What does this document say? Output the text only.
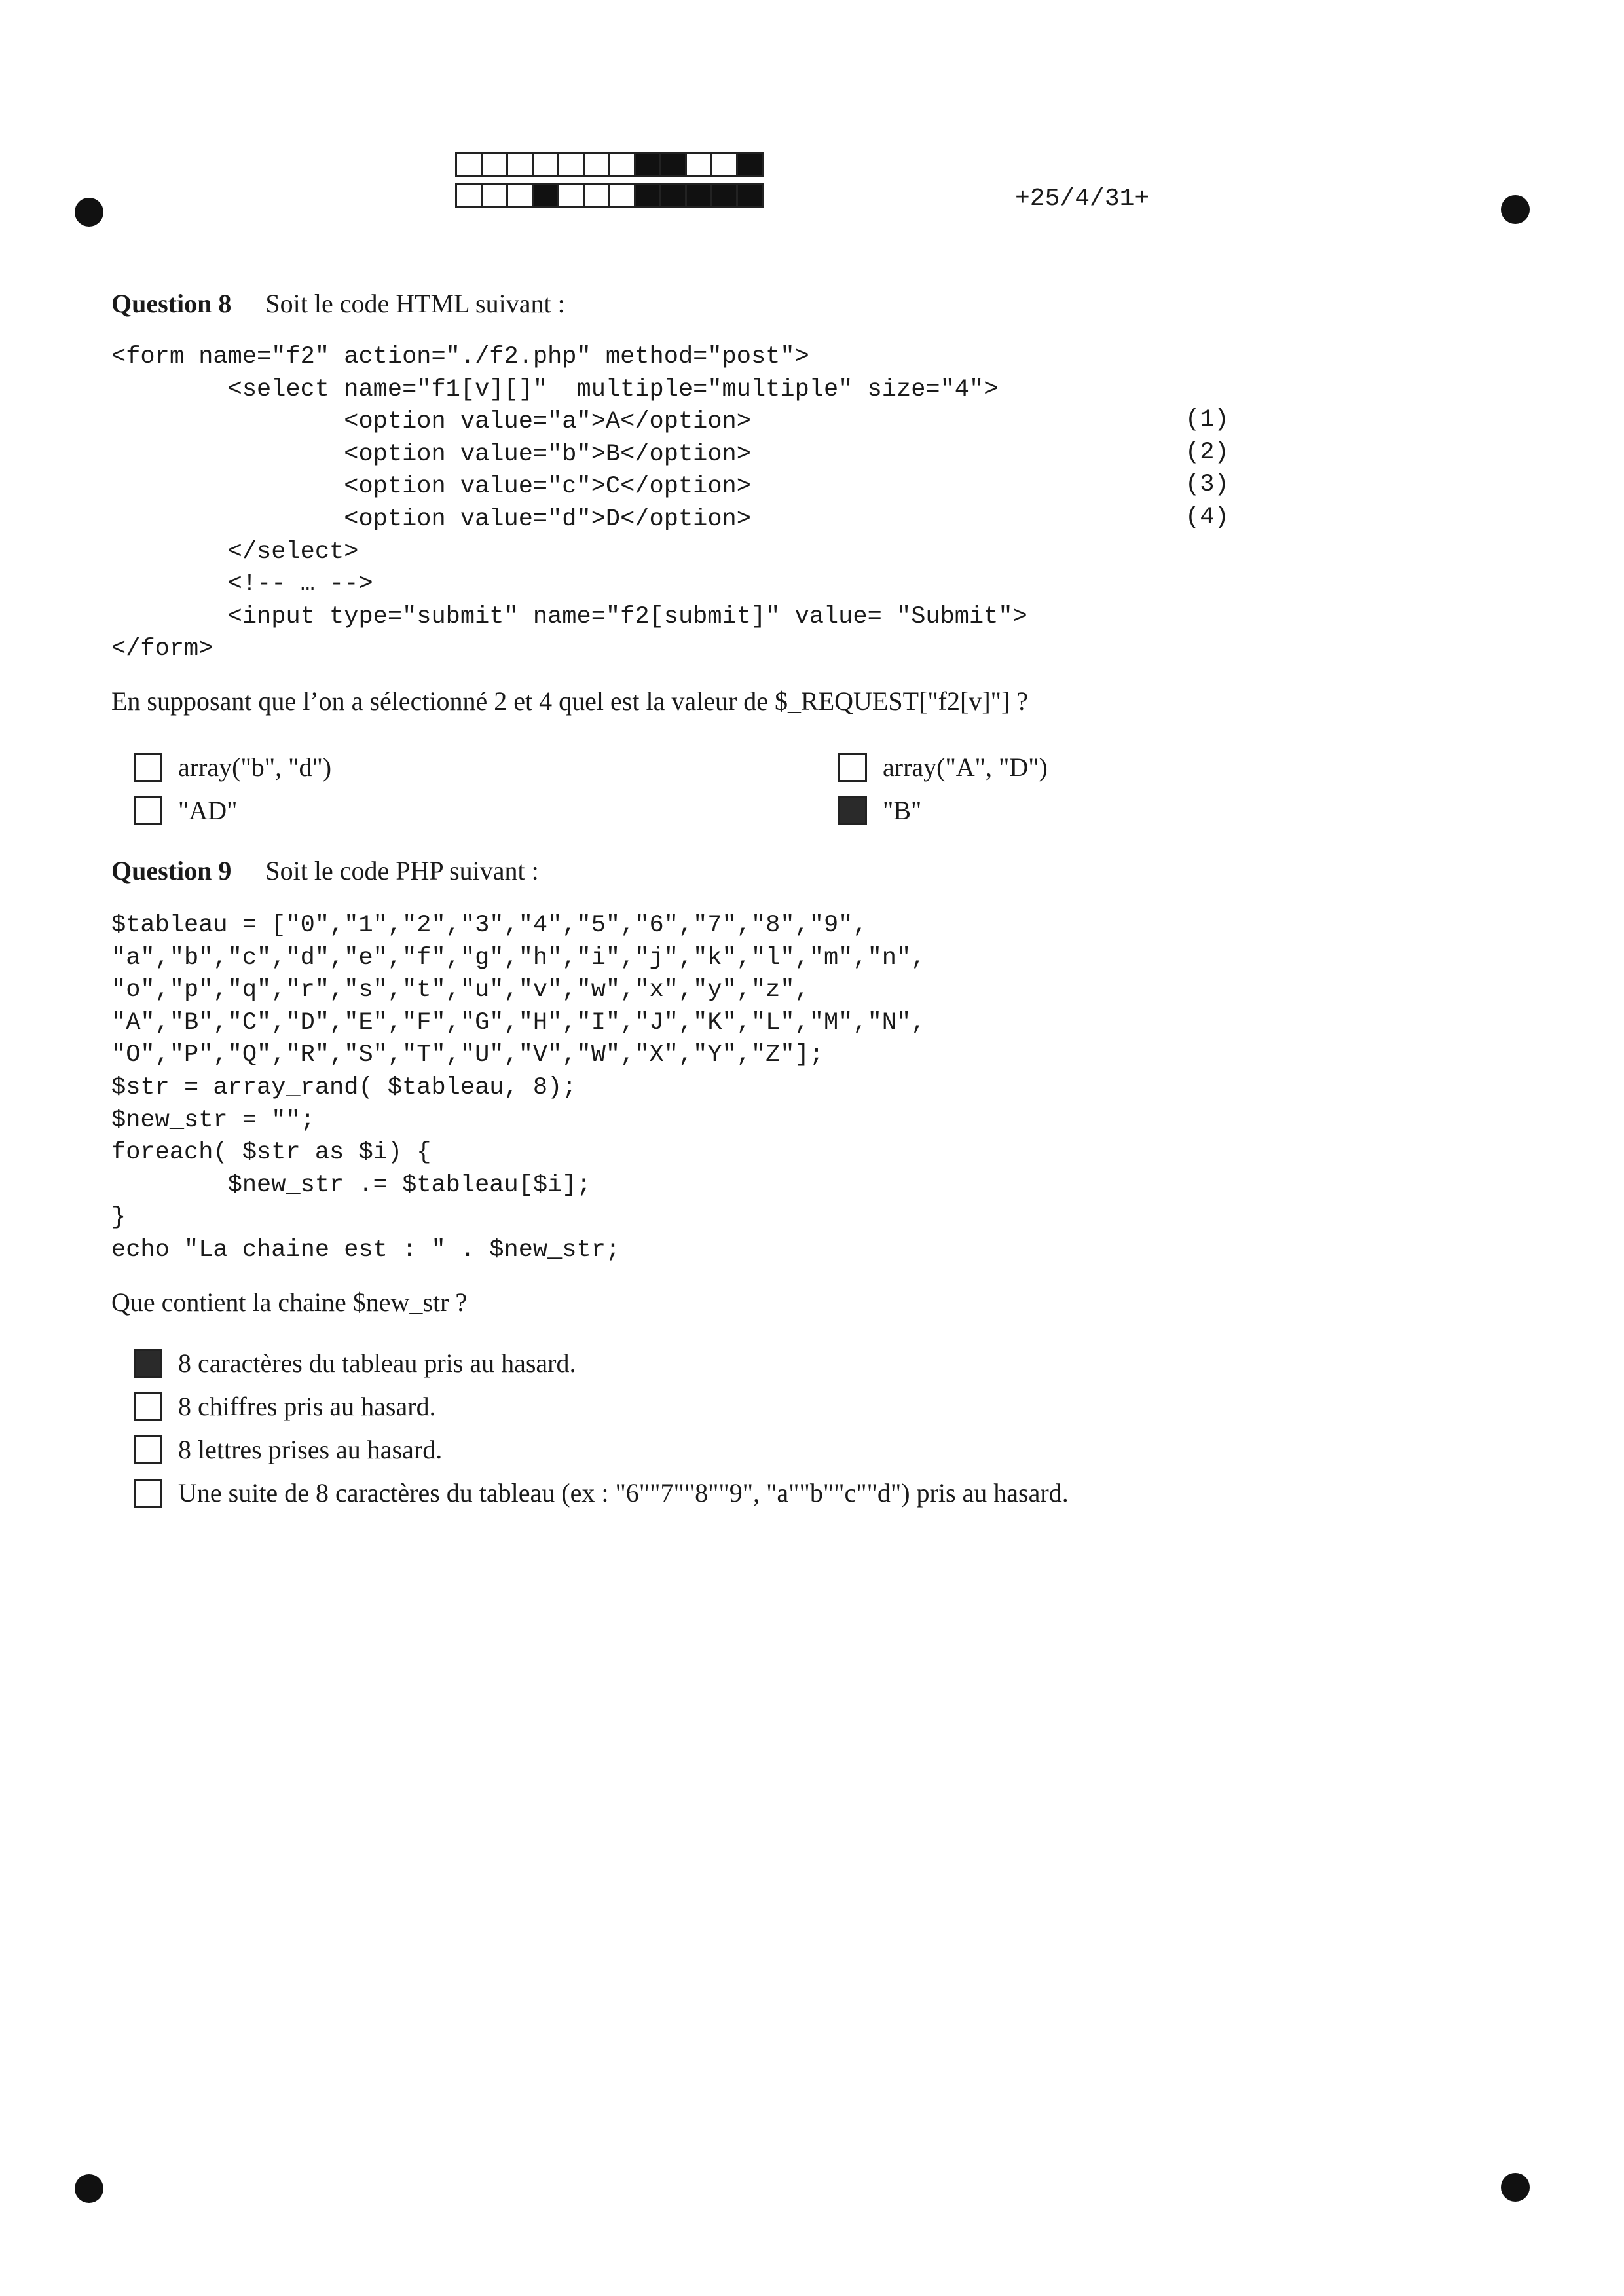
+25/4/31+

Question 8 Soit le code HTML suivant :

<form name="f2" action="./f2.php" method="post">
<select name="f1[v][]"  multiple="multiple" size="4">
<option value="a">A</option>
<option value="b">B</option>
<option value="c">C</option>
<option value="d">D</option>
</select>
<!-- … -->
<input type="submit" name="f2[submit]" value= "Submit">
</form>

En supposant que l’on a sélectionné 2 et 4 quel est la valeur de $_REQUEST["f2[v]"] ?

(1)
(2)
(3)
(4)
array("b", "d")	array("A", "D")
"AD"	"B"

Question 9 Soit le code PHP suivant :

$tableau = ["0","1","2","3","4","5","6","7","8","9",
"a","b","c","d","e","f","g","h","i","j","k","l","m","n",
"o","p","q","r","s","t","u","v","w","x","y","z",
"A","B","C","D","E","F","G","H","I","J","K","L","M","N",
"O","P","Q","R","S","T","U","V","W","X","Y","Z"];
$str = array_rand( $tableau, 8);
$new_str = "";
foreach( $str as $i) {
$new_str .= $tableau[$i];
}
echo "La chaine est : " . $new_str;

Que contient la chaine $new_str ?

8 caractères du tableau pris au hasard.
8 chiffres pris au hasard.
8 lettres prises au hasard.
Une suite de 8 caractères du tableau (ex : "6""7""8""9", "a""b""c""d") pris au hasard.
